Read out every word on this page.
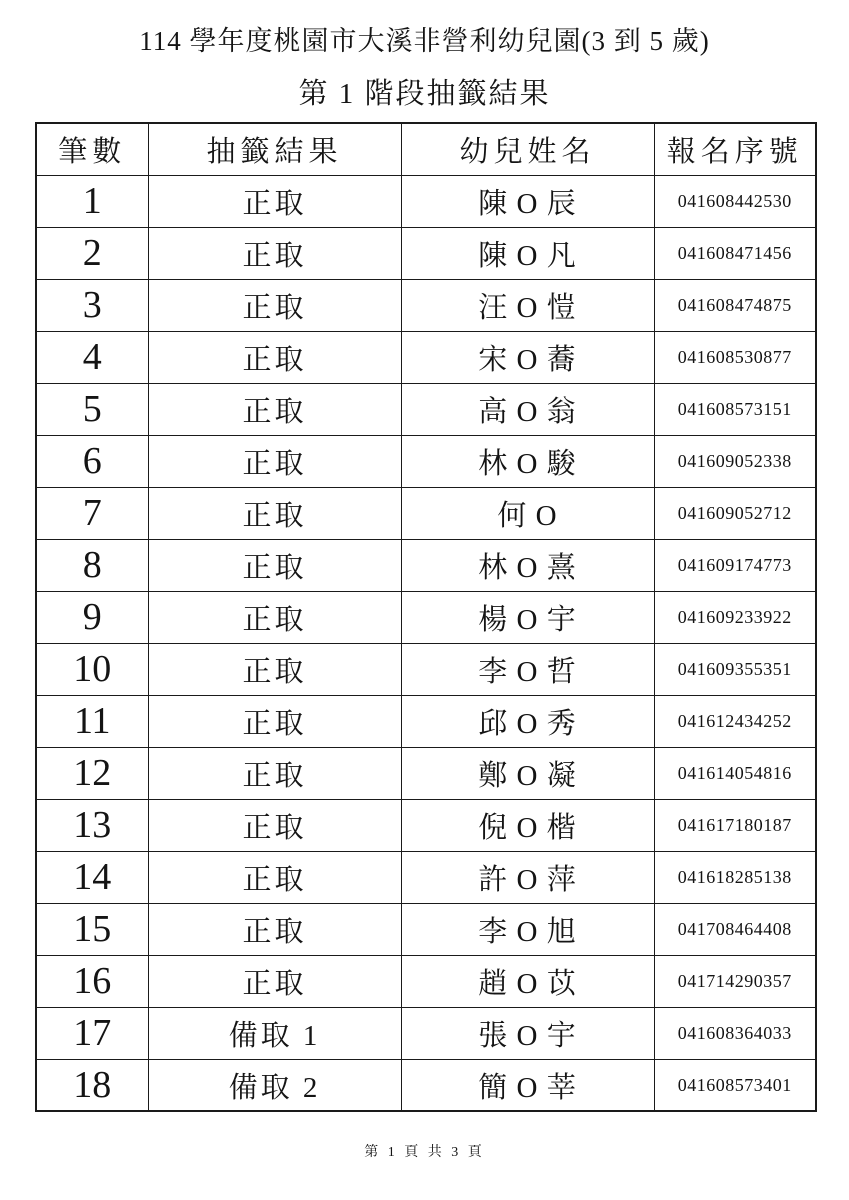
114 學年度桃園市大溪非營利幼兒園(3 到 5 歲)
第 1 階段抽籤結果
筆數	抽籤結果	幼兒姓名	報名序號
1	正取	陳 O 辰	041608442530
2	正取	陳 O 凡	041608471456
3	正取	汪 O 愷	041608474875
4	正取	宋 O 蕎	041608530877
5	正取	高 O 翁	041608573151
6	正取	林 O 駿	041609052338
7	正取	何 O	041609052712
8	正取	林 O 熹	041609174773
9	正取	楊 O 宇	041609233922
10	正取	李 O 哲	041609355351
11	正取	邱 O 秀	041612434252
12	正取	鄭 O 凝	041614054816
13	正取	倪 O 楷	041617180187
14	正取	許 O 萍	041618285138
15	正取	李 O 旭	041708464408
16	正取	趙 O 苡	041714290357
17	備取 1	張 O 宇	041608364033
18	備取 2	簡 O 莘	041608573401
第 1 頁 共 3 頁
